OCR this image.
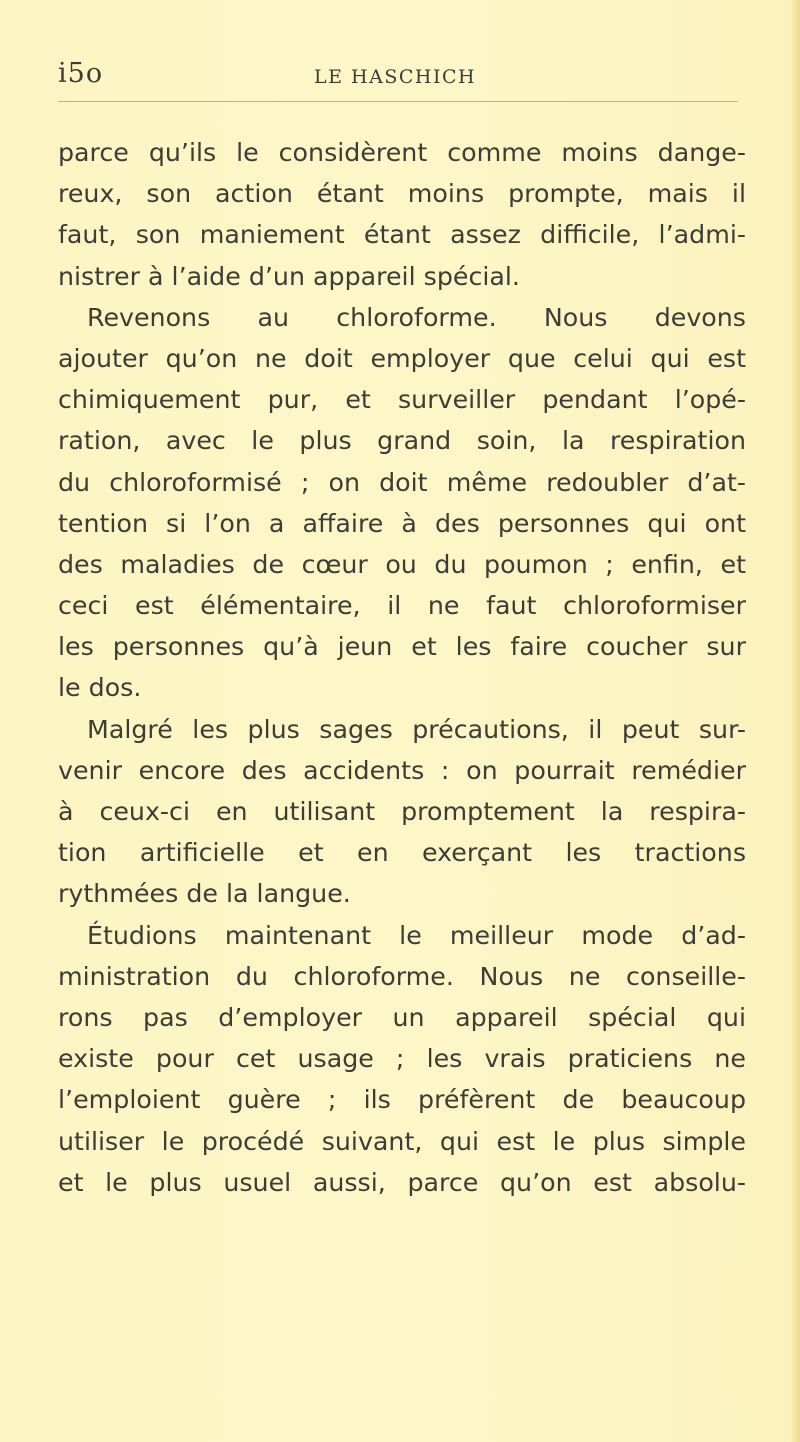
i5o	LE HASCHICH
parce qu’ils le considèrent comme moins dange-
reux, son action étant moins prompte, mais il
faut, son maniement étant assez difficile, l’admi-
nistrer à l’aide d’un appareil spécial.
Revenons au chloroforme. Nous devons
ajouter qu’on ne doit employer que celui qui est
chimiquement pur, et surveiller pendant l’opé-
ration, avec le plus grand soin, la respiration
du chloroformisé ; on doit même redoubler d’at-
tention si l’on a affaire à des personnes qui ont
des maladies de cœur ou du poumon ; enfin, et
ceci est élémentaire, il ne faut chloroformiser
les personnes qu’à jeun et les faire coucher sur
le dos.
Malgré les plus sages précautions, il peut sur-
venir encore des accidents : on pourrait remédier
à ceux-ci en utilisant promptement la respira-
tion artificielle et en exerçant les tractions
rythmées de la langue.
Étudions maintenant le meilleur mode d’ad-
ministration du chloroforme. Nous ne conseille-
rons pas d’employer un appareil spécial qui
existe pour cet usage ; les vrais praticiens ne
l’emploient guère ; ils préfèrent de beaucoup
utiliser le procédé suivant, qui est le plus simple
et le plus usuel aussi, parce qu’on est absolu-
